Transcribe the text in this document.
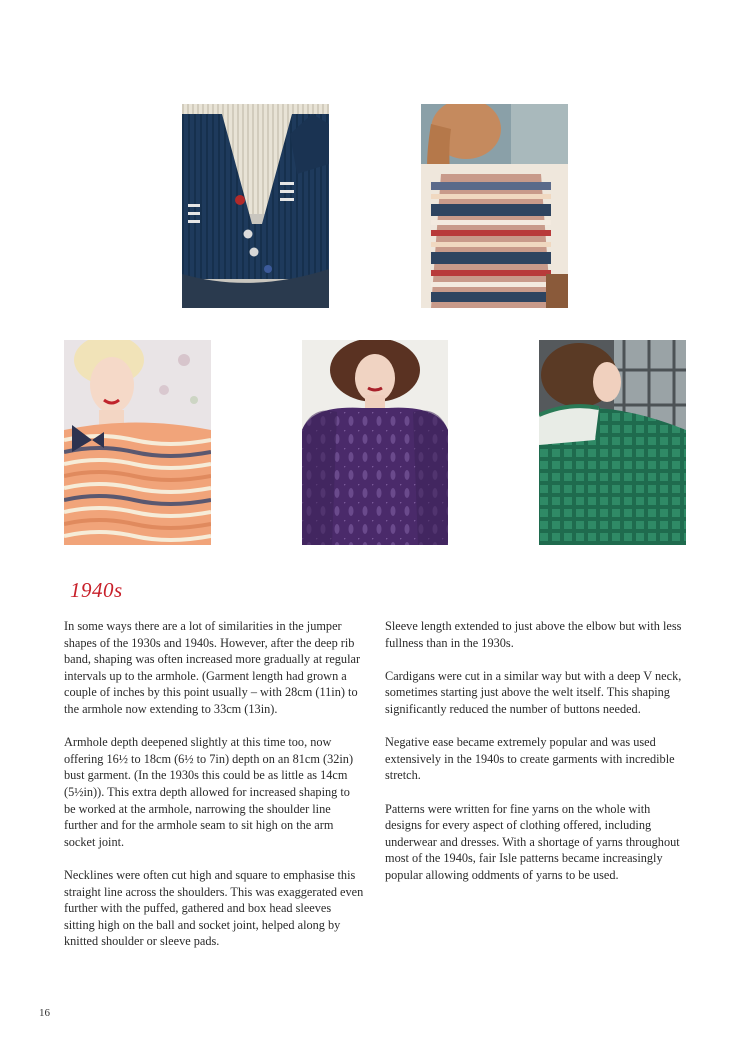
1940s

In some ways there are a lot of similarities in the jumper shapes of the 1930s and 1940s. However, after the deep rib band, shaping was often increased more gradually at regular intervals up to the armhole. (Garment length had grown a couple of inches by this point usually – with 28cm (11in) to the armhole now extending to 33cm (13in).

Armhole depth deepened slightly at this time too, now offering 16½ to 18cm (6½ to 7in) depth on an 81cm (32in) bust garment. (In the 1930s this could be as little as 14cm (5½in)). This extra depth allowed for increased shaping to be worked at the armhole, narrowing the shoulder line further and for the armhole seam to sit high on the arm socket joint.

Necklines were often cut high and square to emphasise this straight line across the shoulders. This was exaggerated even further with the puffed, gathered and box head sleeves sitting high on the ball and socket joint, helped along by knitted shoulder or sleeve pads.

Sleeve length extended to just above the elbow but with less fullness than in the 1930s.

Cardigans were cut in a similar way but with a deep V neck, sometimes starting just above the welt itself. This shaping significantly reduced the number of buttons needed.

Negative ease became extremely popular and was used extensively in the 1940s to create garments with incredible stretch.

Patterns were written for fine yarns on the whole with designs for every aspect of clothing offered, including underwear and dresses. With a shortage of yarns throughout most of the 1940s, fair Isle patterns became increasingly popular allowing oddments of yarns to be used.

16
